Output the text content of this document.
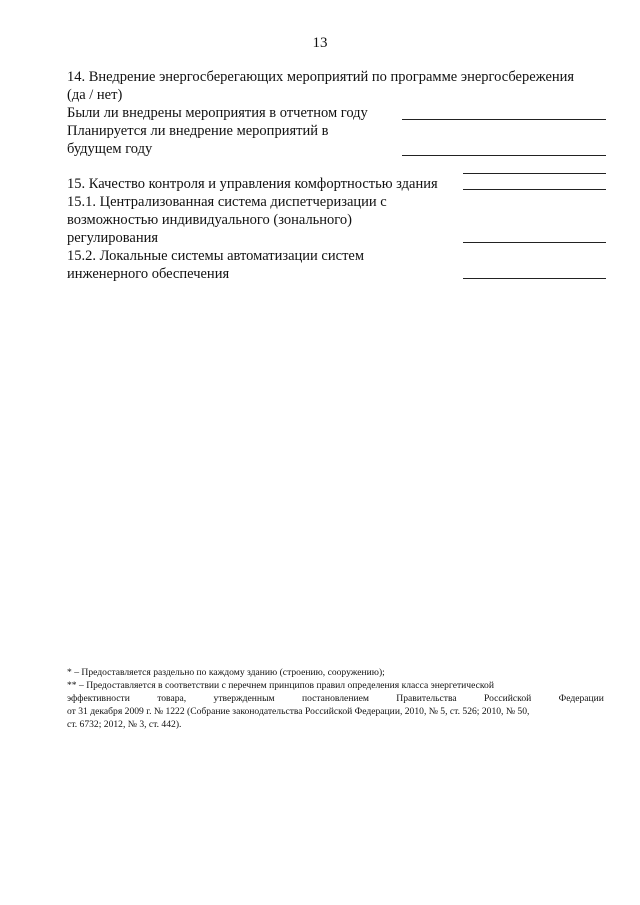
13
14. Внедрение энергосберегающих мероприятий по программе энергосбережения
(да / нет)
Были ли внедрены мероприятия в отчетном году
Планируется ли внедрение мероприятий в
будущем году
15. Качество контроля и управления комфортностью здания
15.1. Централизованная система диспетчеризации с
возможностью индивидуального (зонального)
регулирования
15.2. Локальные системы автоматизации систем
инженерного обеспечения
* – Предоставляется раздельно по каждому зданию (строению, сооружению);
** – Предоставляется в соответствии с перечнем принципов правил определения класса энергетической
эффективности	товара,	утвержденным	постановлением	Правительства	Российской	Федерации
от 31 декабря 2009 г. № 1222 (Собрание законодательства Российской Федерации, 2010, № 5, ст. 526; 2010, № 50,
ст. 6732; 2012, № 3, ст. 442).
